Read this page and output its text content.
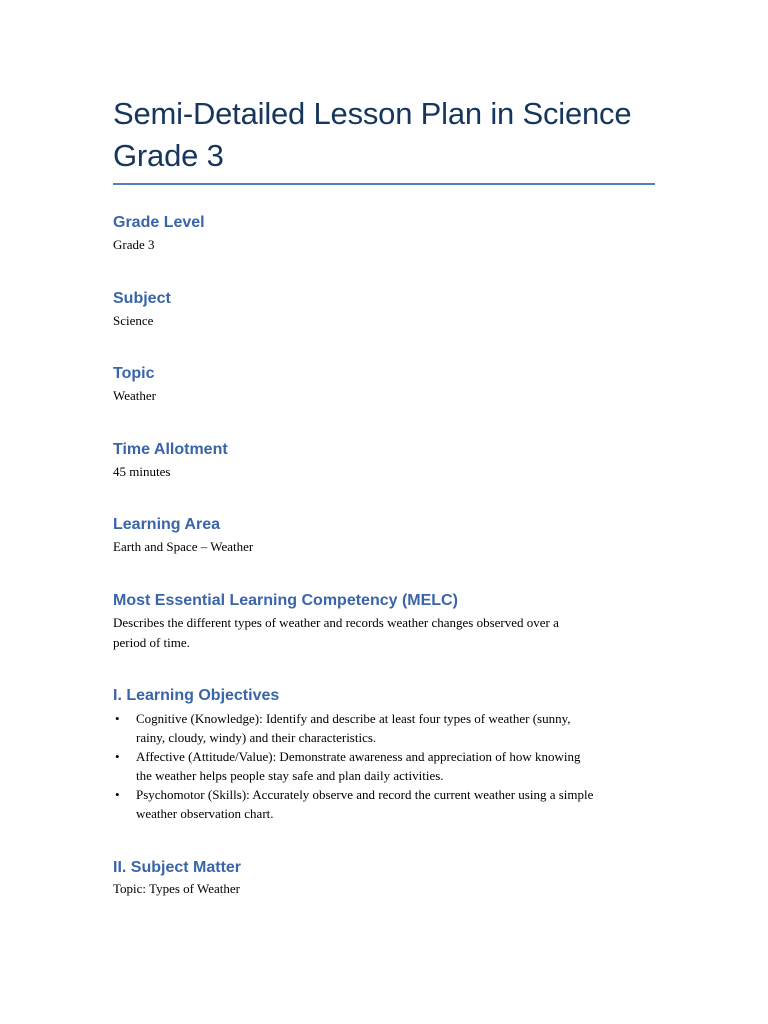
Semi-Detailed Lesson Plan in Science
Grade 3

Grade Level

Grade 3

Subject

Science

Topic

Weather

Time Allotment

45 minutes

Learning Area

Earth and Space – Weather

Most Essential Learning Competency (MELC)

Describes the different types of weather and records weather changes observed over a

period of time.

I. Learning Objectives

• Cognitive (Knowledge): Identify and describe at least four types of weather (sunny,
rainy, cloudy, windy) and their characteristics.
• Affective (Attitude/Value): Demonstrate awareness and appreciation of how knowing
the weather helps people stay safe and plan daily activities.
• Psychomotor (Skills): Accurately observe and record the current weather using a simple
weather observation chart.

II. Subject Matter

Topic: Types of Weather
